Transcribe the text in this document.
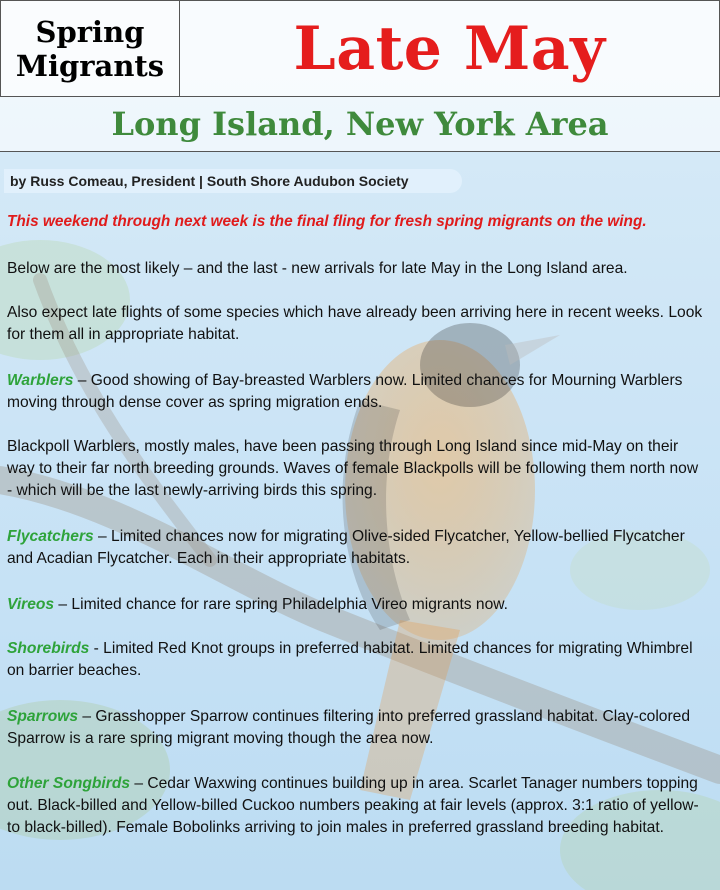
Spring
Migrants	Late May
Long Island, New York Area
by Russ Comeau, President | South Shore Audubon Society
This weekend through next week is the final fling for fresh spring migrants on the wing.
Below are the most likely – and the last - new arrivals for late May in the Long Island area.
Also expect late flights of some species which have already been arriving here in recent weeks. Look for them all in appropriate habitat.
Warblers – Good showing of Bay-breasted Warblers now. Limited chances for Mourning Warblers moving through dense cover as spring migration ends.
Blackpoll Warblers, mostly males, have been passing through Long Island since mid-May on their way to their far north breeding grounds. Waves of female Blackpolls will be following them north now - which will be the last newly-arriving birds this spring.
Flycatchers – Limited chances now for migrating Olive-sided Flycatcher, Yellow-bellied Flycatcher and Acadian Flycatcher. Each in their appropriate habitats.
Vireos – Limited chance for rare spring Philadelphia Vireo migrants now.
Shorebirds - Limited Red Knot groups in preferred habitat. Limited chances for migrating Whimbrel on barrier beaches.
Sparrows – Grasshopper Sparrow continues filtering into preferred grassland habitat. Clay-colored Sparrow is a rare spring migrant moving though the area now.
Other Songbirds – Cedar Waxwing continues building up in area. Scarlet Tanager numbers topping out. Black-billed and Yellow-billed Cuckoo numbers peaking at fair levels (approx. 3:1 ratio of yellow- to black-billed). Female Bobolinks arriving to join males in preferred grassland breeding habitat.
